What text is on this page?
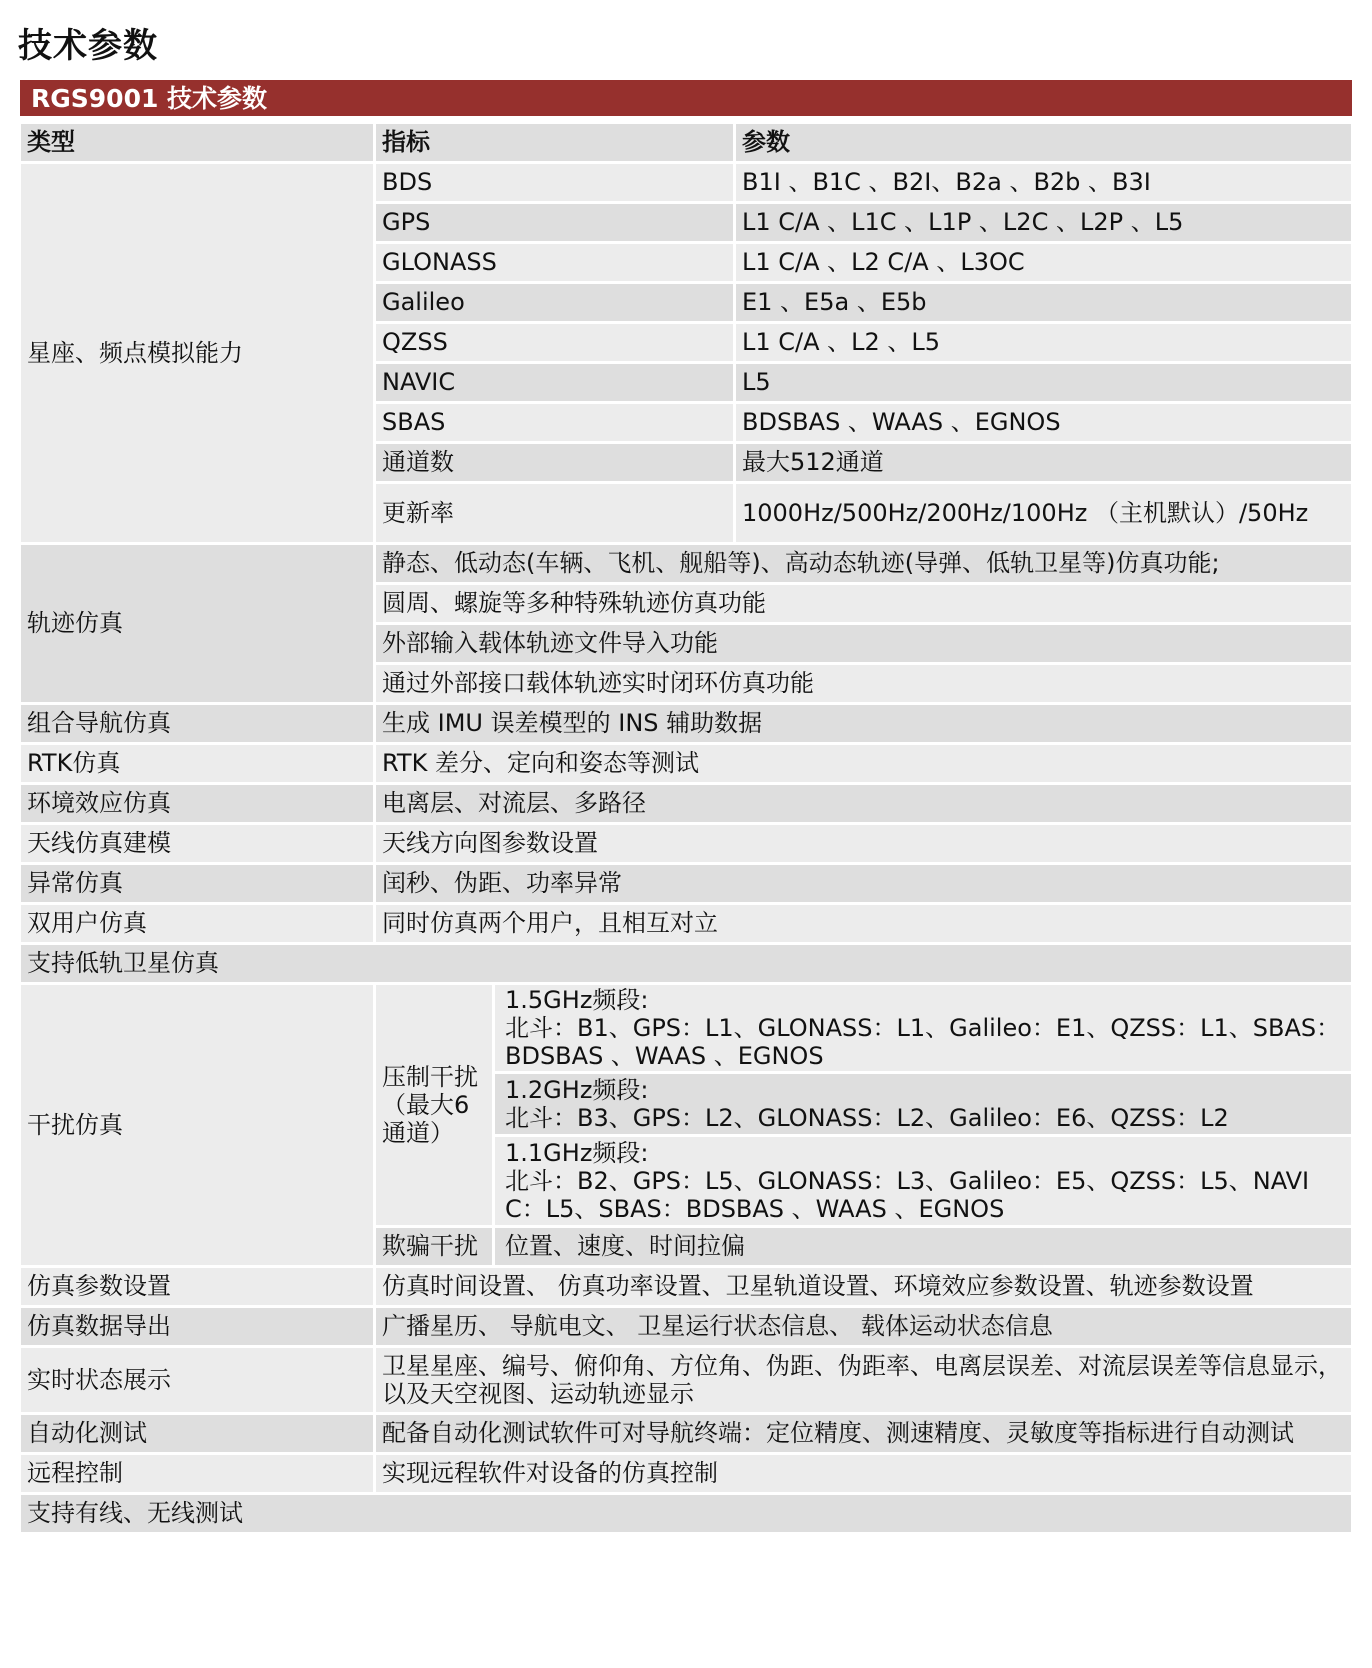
技术参数
RGS9001 技术参数
类型	指标		参数
星座、频点模拟能力	BDS		B1I 、B1C 、B2I、B2a 、B2b 、B3I
	GPS		L1 C/A 、L1C 、L1P 、L2C 、L2P 、L5
	GLONASS		L1 C/A 、L2 C/A 、L3OC
	Galileo		E1 、E5a 、E5b
	QZSS		L1 C/A 、L2 、L5
	NAVIC		L5
	SBAS		BDSBAS 、WAAS 、EGNOS
	通道数		最大512通道
	更新率		1000Hz/500Hz/200Hz/100Hz （主机默认）/50Hz
轨迹仿真	静态、低动态(车辆、飞机、舰船等)、高动态轨迹(导弹、低轨卫星等)仿真功能;		
	圆周、螺旋等多种特殊轨迹仿真功能		
	外部输入载体轨迹文件导入功能		
	通过外部接口载体轨迹实时闭环仿真功能		
组合导航仿真	生成 IMU 误差模型的 INS 辅助数据		
RTK仿真	RTK 差分、定向和姿态等测试		
环境效应仿真	电离层、对流层、多路径		
天线仿真建模	天线方向图参数设置		
异常仿真	闰秒、伪距、功率异常		
双用户仿真	同时仿真两个用户，且相互对立		
支持低轨卫星仿真			
干扰仿真	压制干扰（最大6通道）	1.5GHz频段:
北斗：B1、GPS：L1、GLONASS：L1、Galileo：E1、QZSS：L1、SBAS：BDSBAS 、WAAS 、EGNOS	
		1.2GHz频段:
北斗：B3、GPS：L2、GLONASS：L2、Galileo：E6、QZSS：L2	
		1.1GHz频段:
北斗：B2、GPS：L5、GLONASS：L3、Galileo：E5、QZSS：L5、NAVIC：L5、SBAS：BDSBAS 、WAAS 、EGNOS	
	欺骗干扰	位置、速度、时间拉偏	
仿真参数设置	仿真时间设置、 仿真功率设置、卫星轨道设置、环境效应参数设置、轨迹参数设置		
仿真数据导出	广播星历、 导航电文、 卫星运行状态信息、 载体运动状态信息		
实时状态展示	卫星星座、编号、俯仰角、方位角、伪距、伪距率、电离层误差、对流层误差等信息显示， 以及天空视图、运动轨迹显示		
自动化测试	配备自动化测试软件可对导航终端：定位精度、测速精度、灵敏度等指标进行自动测试		
远程控制	实现远程软件对设备的仿真控制		
支持有线、无线测试			
